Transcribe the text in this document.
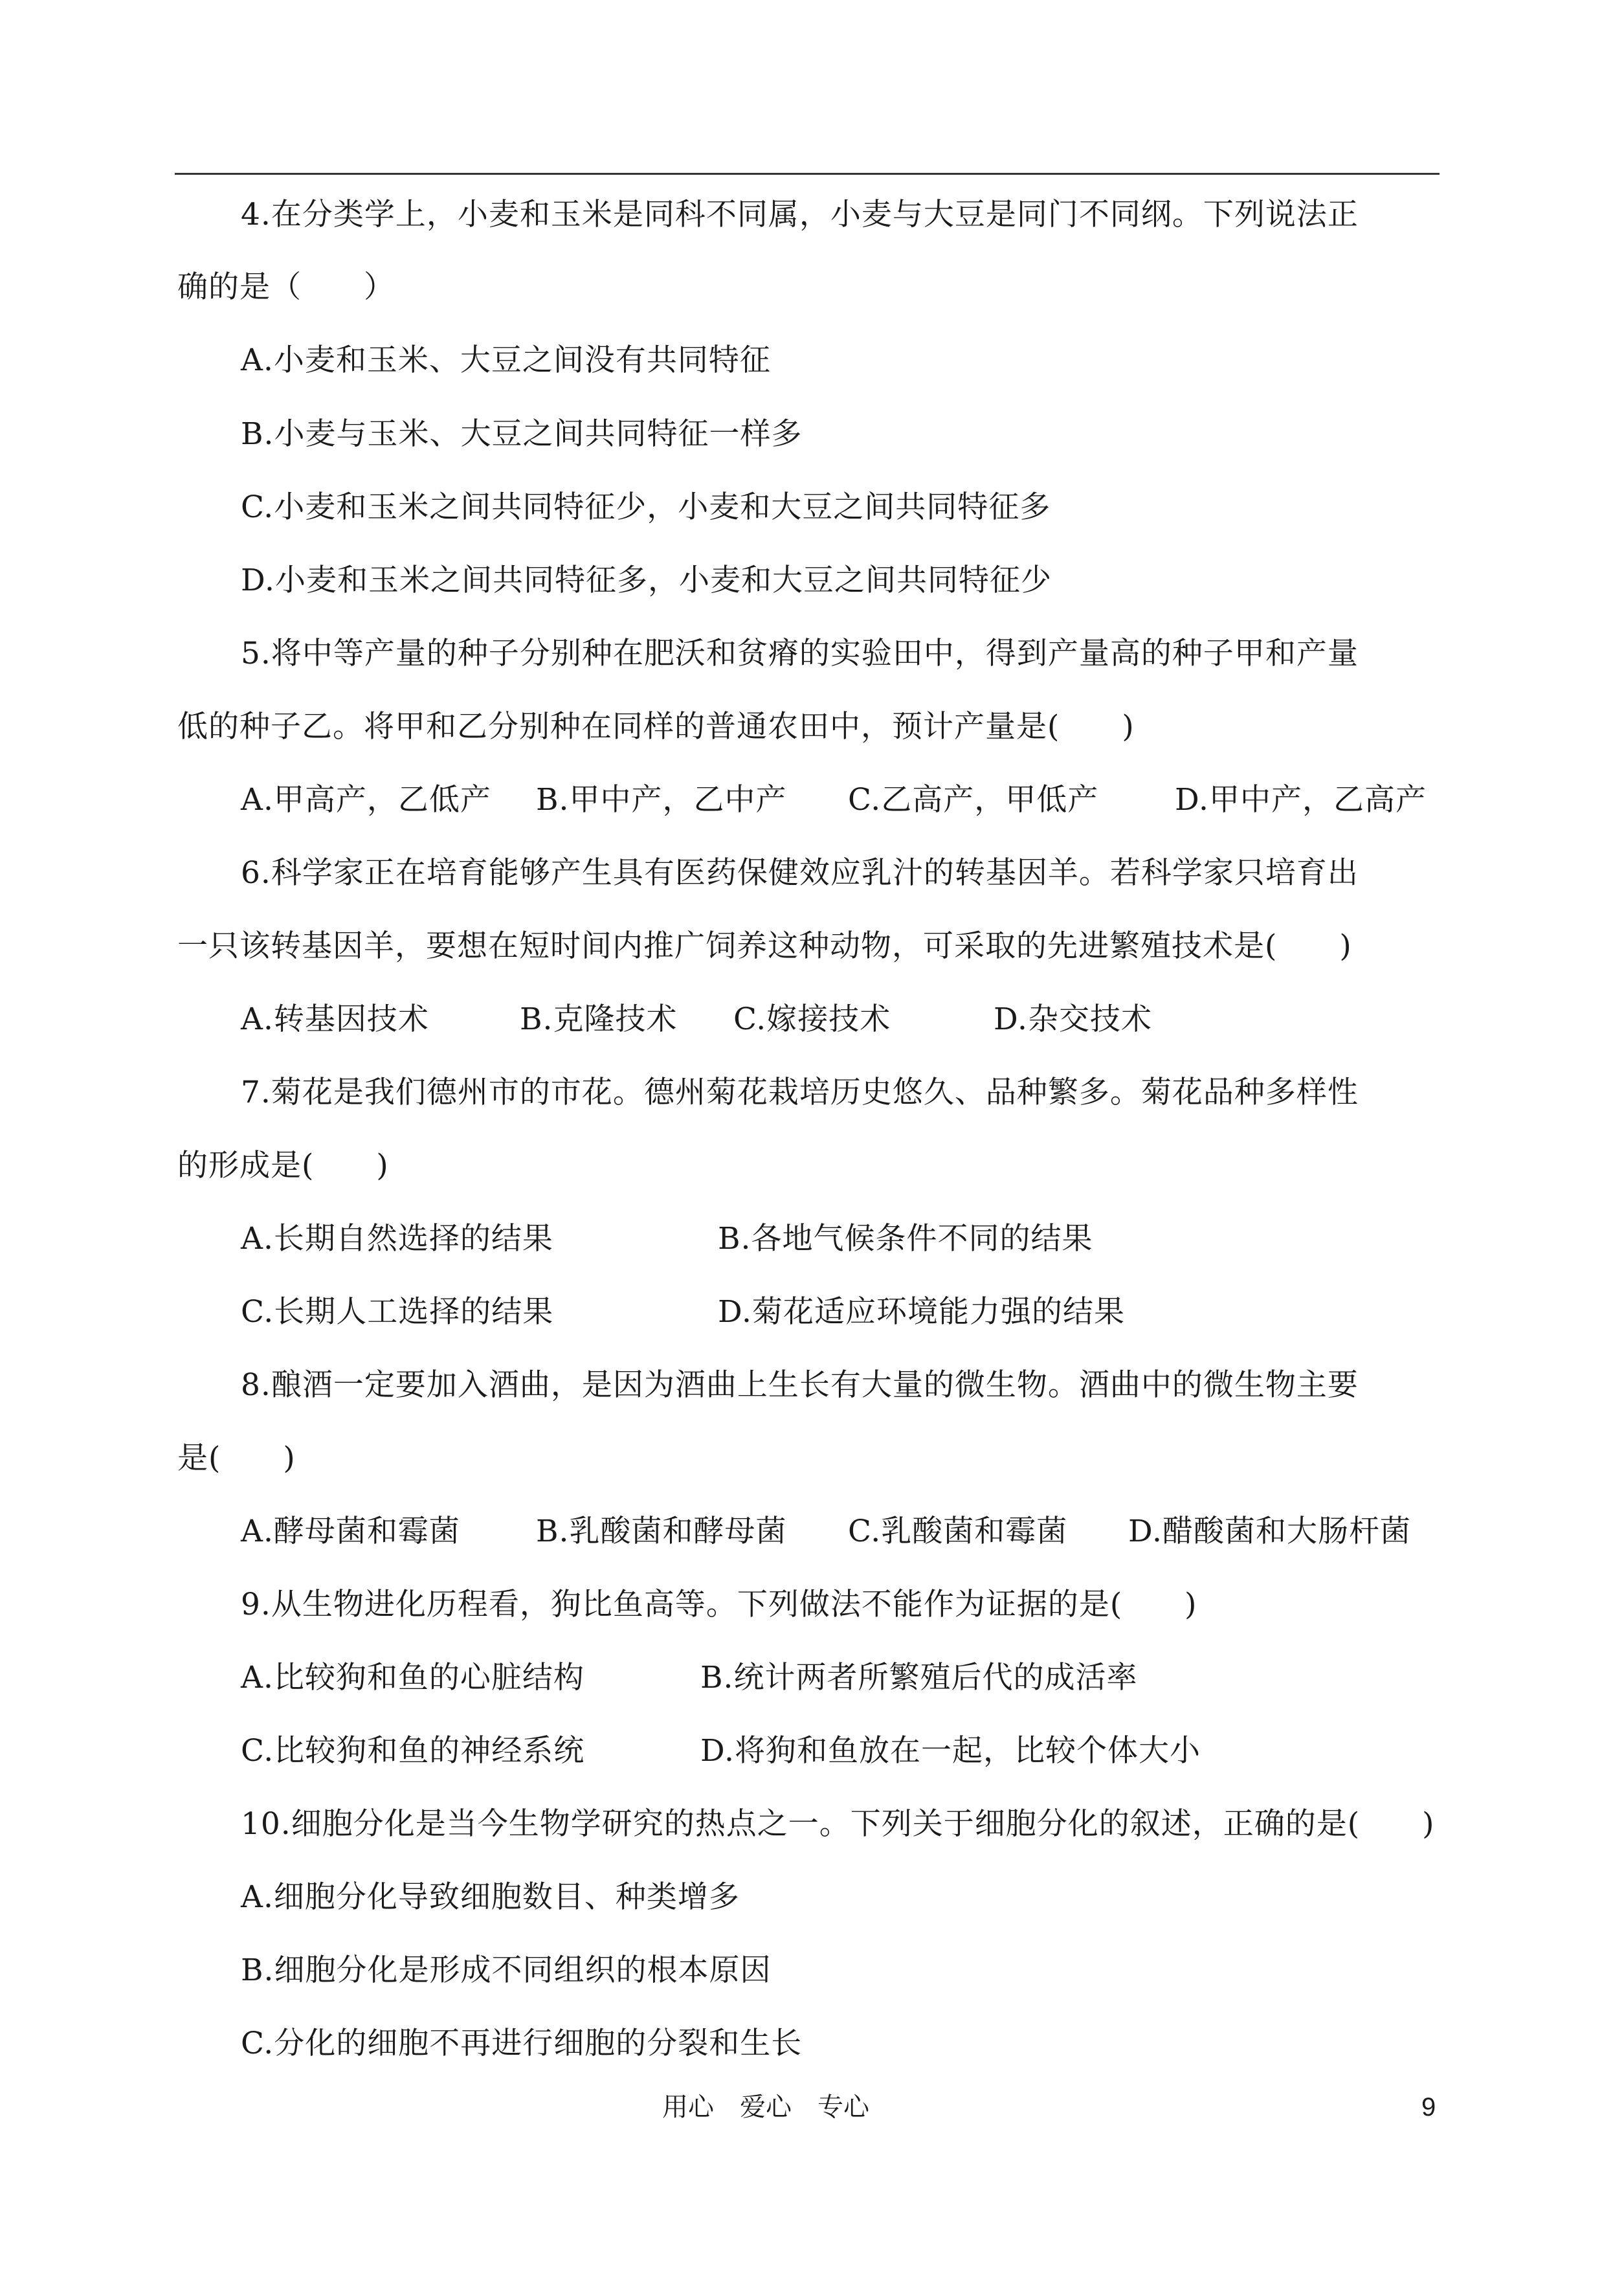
4.在分类学上，小麦和玉米是同科不同属，小麦与大豆是同门不同纲。下列说法正
确的是（　　）
A.小麦和玉米、大豆之间没有共同特征
B.小麦与玉米、大豆之间共同特征一样多
C.小麦和玉米之间共同特征少，小麦和大豆之间共同特征多
D.小麦和玉米之间共同特征多，小麦和大豆之间共同特征少
5.将中等产量的种子分别种在肥沃和贫瘠的实验田中，得到产量高的种子甲和产量
低的种子乙。将甲和乙分别种在同样的普通农田中，预计产量是(　　)
A.甲高产，乙低产 B.甲中产，乙中产 C.乙高产，甲低产	D.甲中产，乙高产
6.科学家正在培育能够产生具有医药保健效应乳汁的转基因羊。若科学家只培育出
一只该转基因羊，要想在短时间内推广饲养这种动物，可采取的先进繁殖技术是(　　)
A.转基因技术	B.克隆技术 C.嫁接技术	D.杂交技术
7.菊花是我们德州市的市花。德州菊花栽培历史悠久、品种繁多。菊花品种多样性
的形成是(　　)
A.长期自然选择的结果	B.各地气候条件不同的结果
C.长期人工选择的结果	D.菊花适应环境能力强的结果
8.酿酒一定要加入酒曲，是因为酒曲上生长有大量的微生物。酒曲中的微生物主要
是(　　)
A.酵母菌和霉菌 B.乳酸菌和酵母菌 C.乳酸菌和霉菌 D.醋酸菌和大肠杆菌
9.从生物进化历程看，狗比鱼高等。下列做法不能作为证据的是(　　)
A.比较狗和鱼的心脏结构	B.统计两者所繁殖后代的成活率
C.比较狗和鱼的神经系统	D.将狗和鱼放在一起，比较个体大小
10.细胞分化是当今生物学研究的热点之一。下列关于细胞分化的叙述，正确的是(　　)
A.细胞分化导致细胞数目、种类增多
B.细胞分化是形成不同组织的根本原因
C.分化的细胞不再进行细胞的分裂和生长
用心　爱心　专心	9
